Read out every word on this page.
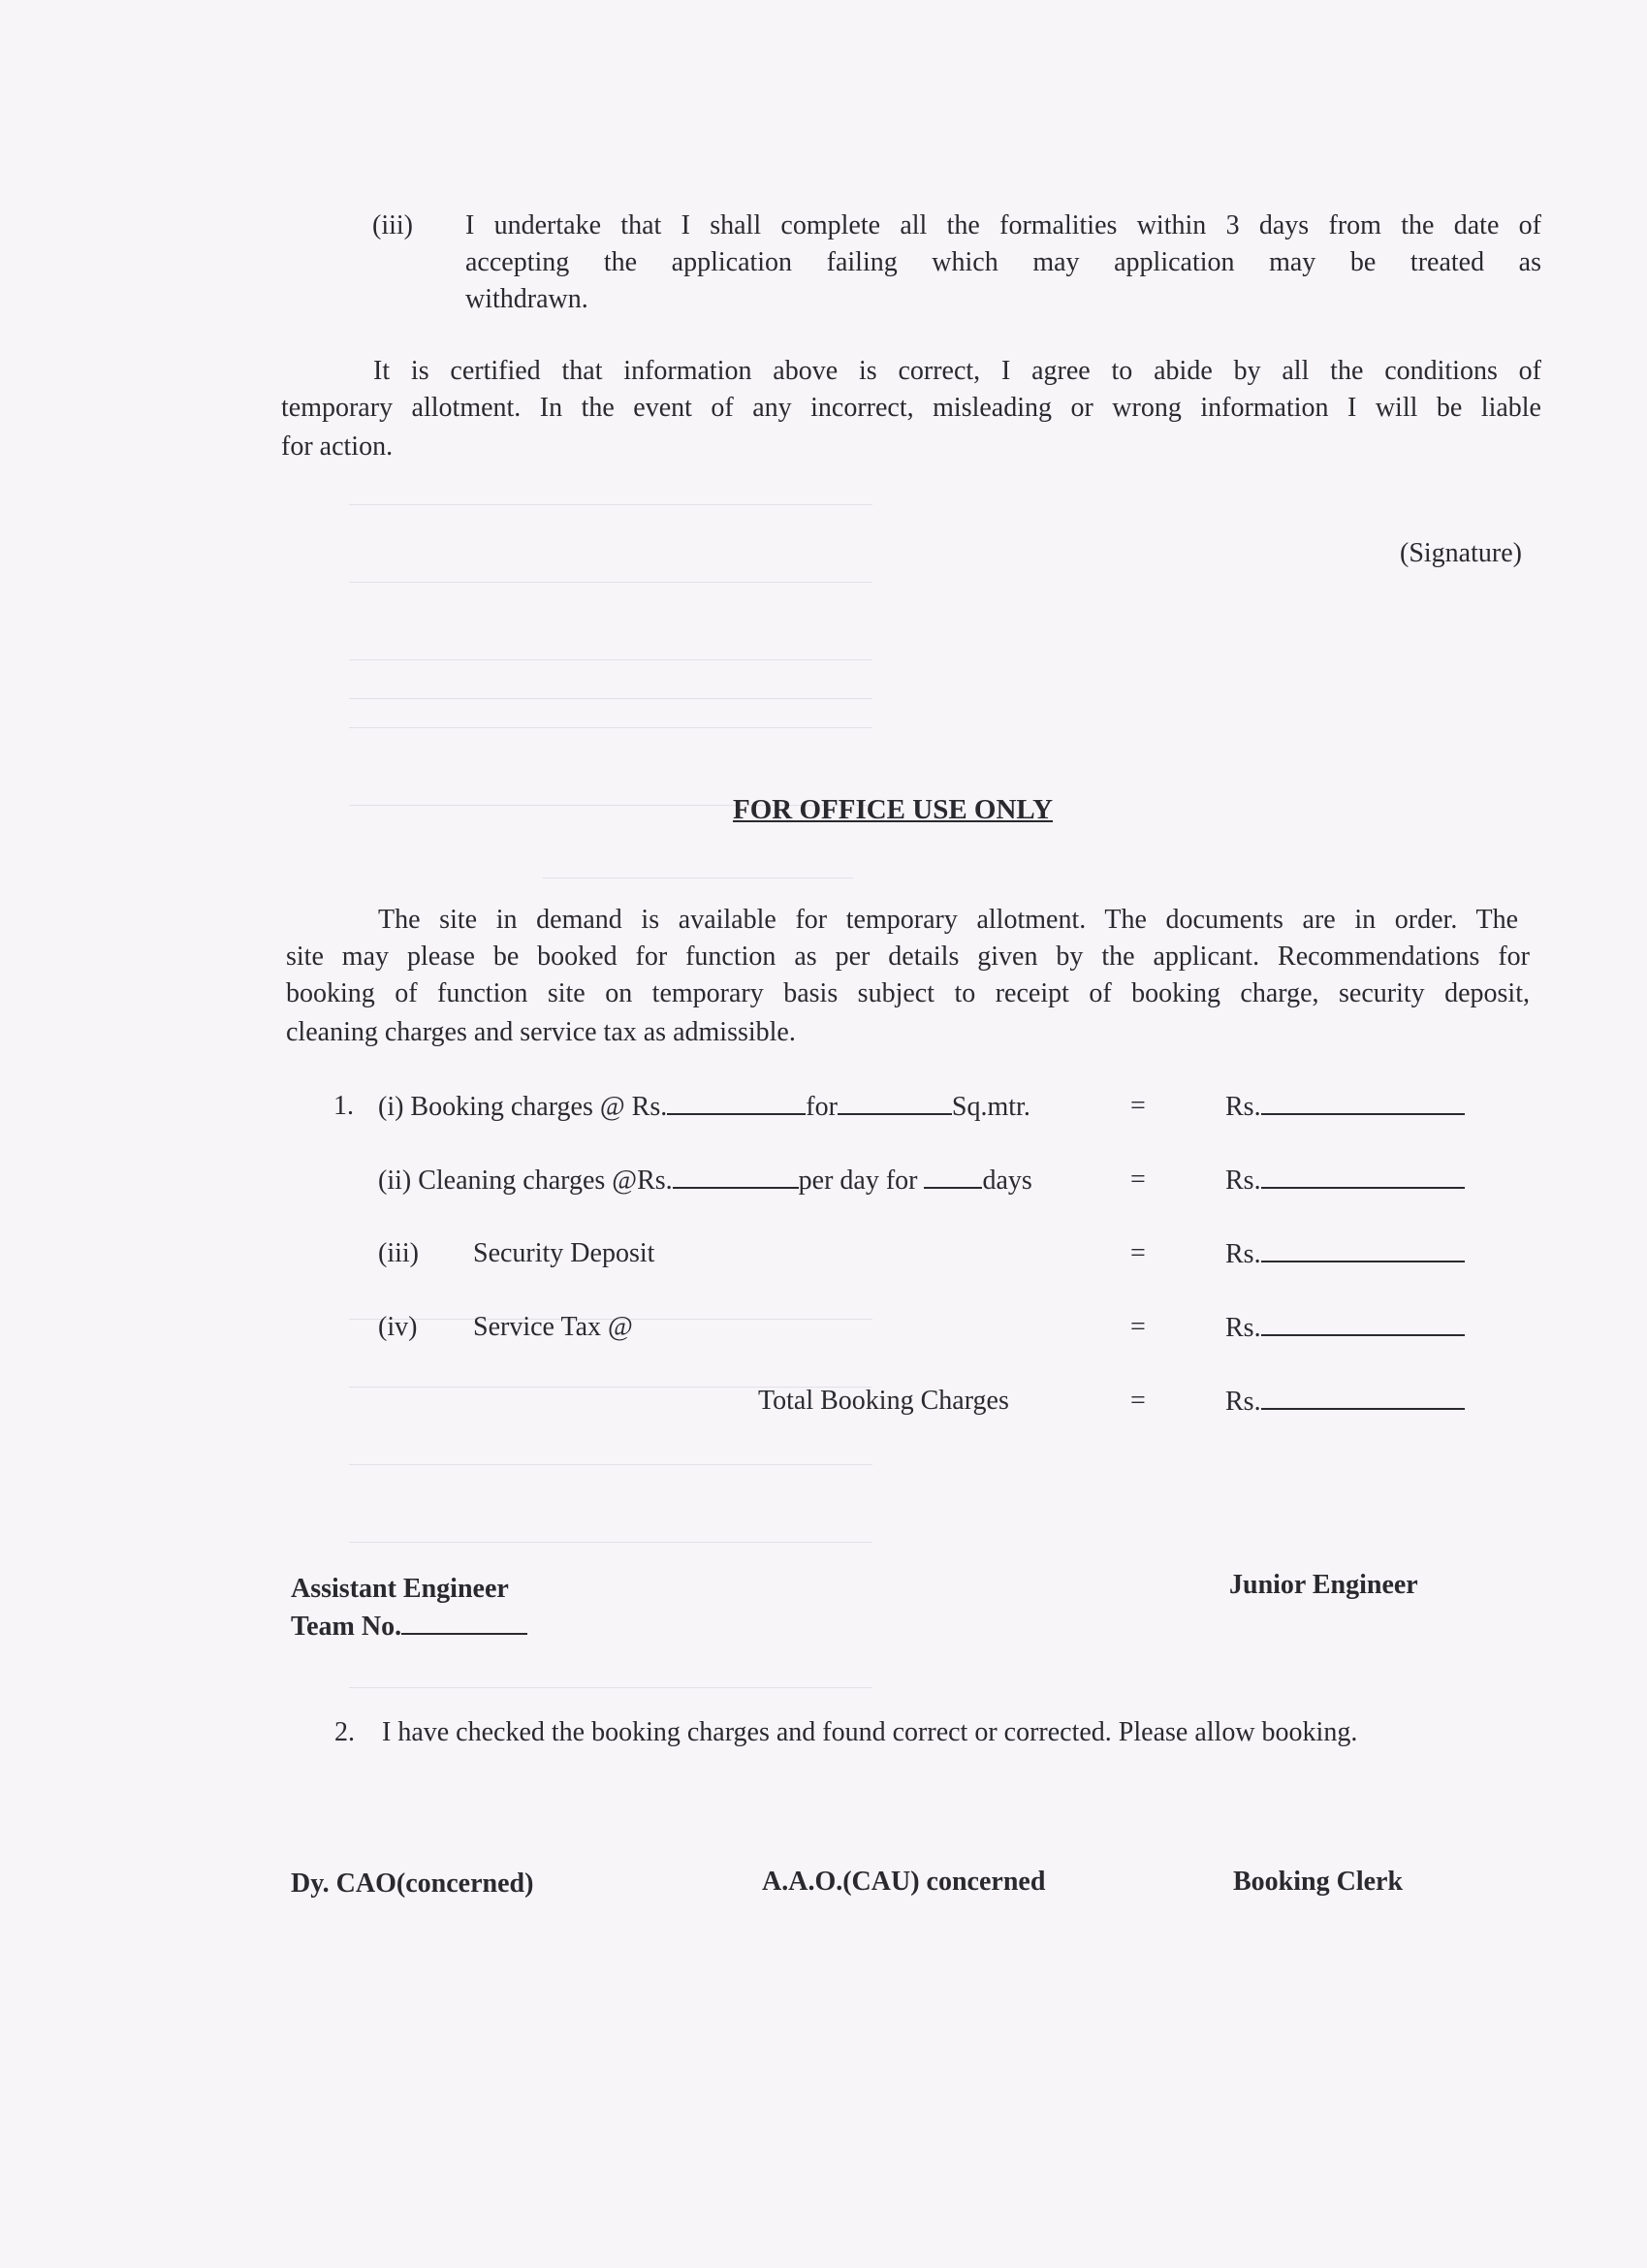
(iii) I undertake that I shall complete all the formalities within 3 days from the date of
accepting the application failing which may application may be treated as
withdrawn.
It is certified that information above is correct, I agree to abide by all the conditions of
temporary allotment. In the event of any incorrect, misleading or wrong information I will be liable
for action.
(Signature)
FOR OFFICE USE ONLY
The site in demand is available for temporary allotment. The documents are in order. The
site may please be booked for function as per details given by the applicant. Recommendations for
booking of function site on temporary basis subject to receipt of booking charge, security deposit,
cleaning charges and service tax as admissible.
1. (i) Booking charges @ Rs.	for	Sq.mtr.	=	Rs.
(ii) Cleaning charges @Rs.	per day for days	=	Rs.
(iii) Security Deposit	=	Rs.
(iv) Service Tax @	=	Rs.
Total Booking Charges	=	Rs.
Assistant Engineer
Team No.
Junior Engineer
2. I have checked the booking charges and found correct or corrected. Please allow booking.
Dy. CAO(concerned)	A.A.O.(CAU) concerned	Booking Clerk
